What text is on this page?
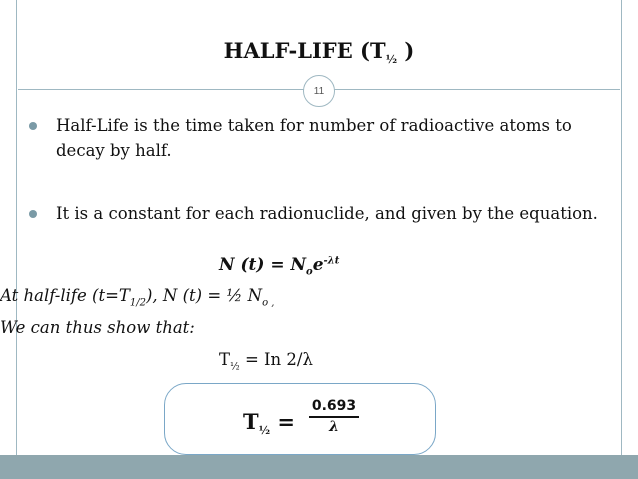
HALF-LIFE ($T_{\frac{1}{2}}$ )
11
Half-Life is the time taken for number of radioactive atoms to decay by half.
It is a constant for each radionuclide, and given by the equation.
N $(t) = N_oe^{-\lambda t}$
At half-life $(t=T_{1/2})$, N (t) = ½ $N_{o ,}$
We can thus show that:
$T_{\frac{1}{2}} = In$ 2/λ
$T_{\frac{1}{2}}$ =
0.693
λ
